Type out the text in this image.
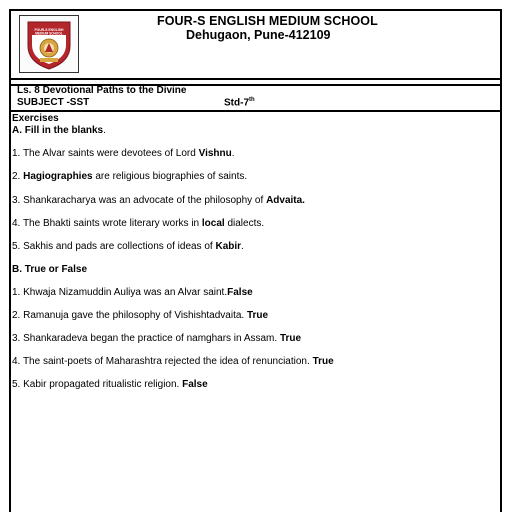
FOUR-S ENGLISH
MEDIUM SCHOOL
FOUR-S ENGLISH MEDIUM SCHOOL
Dehugaon, Pune-412109
Ls. 8 Devotional Paths to the Divine
SUBJECT -SST	Std-7th
Exercises
A. Fill in the blanks.
1. The Alvar saints were devotees of Lord Vishnu.
2. Hagiographies are religious biographies of saints.
3. Shankaracharya was an advocate of the philosophy of Advaita.
4. The Bhakti saints wrote literary works in local dialects.
5. Sakhis and pads are collections of ideas of Kabir.
B. True or False
1. Khwaja Nizamuddin Auliya was an Alvar saint.False
2. Ramanuja gave the philosophy of Vishishtadvaita. True
3. Shankaradeva began the practice of namghars in Assam. True
4. The saint-poets of Maharashtra rejected the idea of renunciation. True
5. Kabir propagated ritualistic religion. False
